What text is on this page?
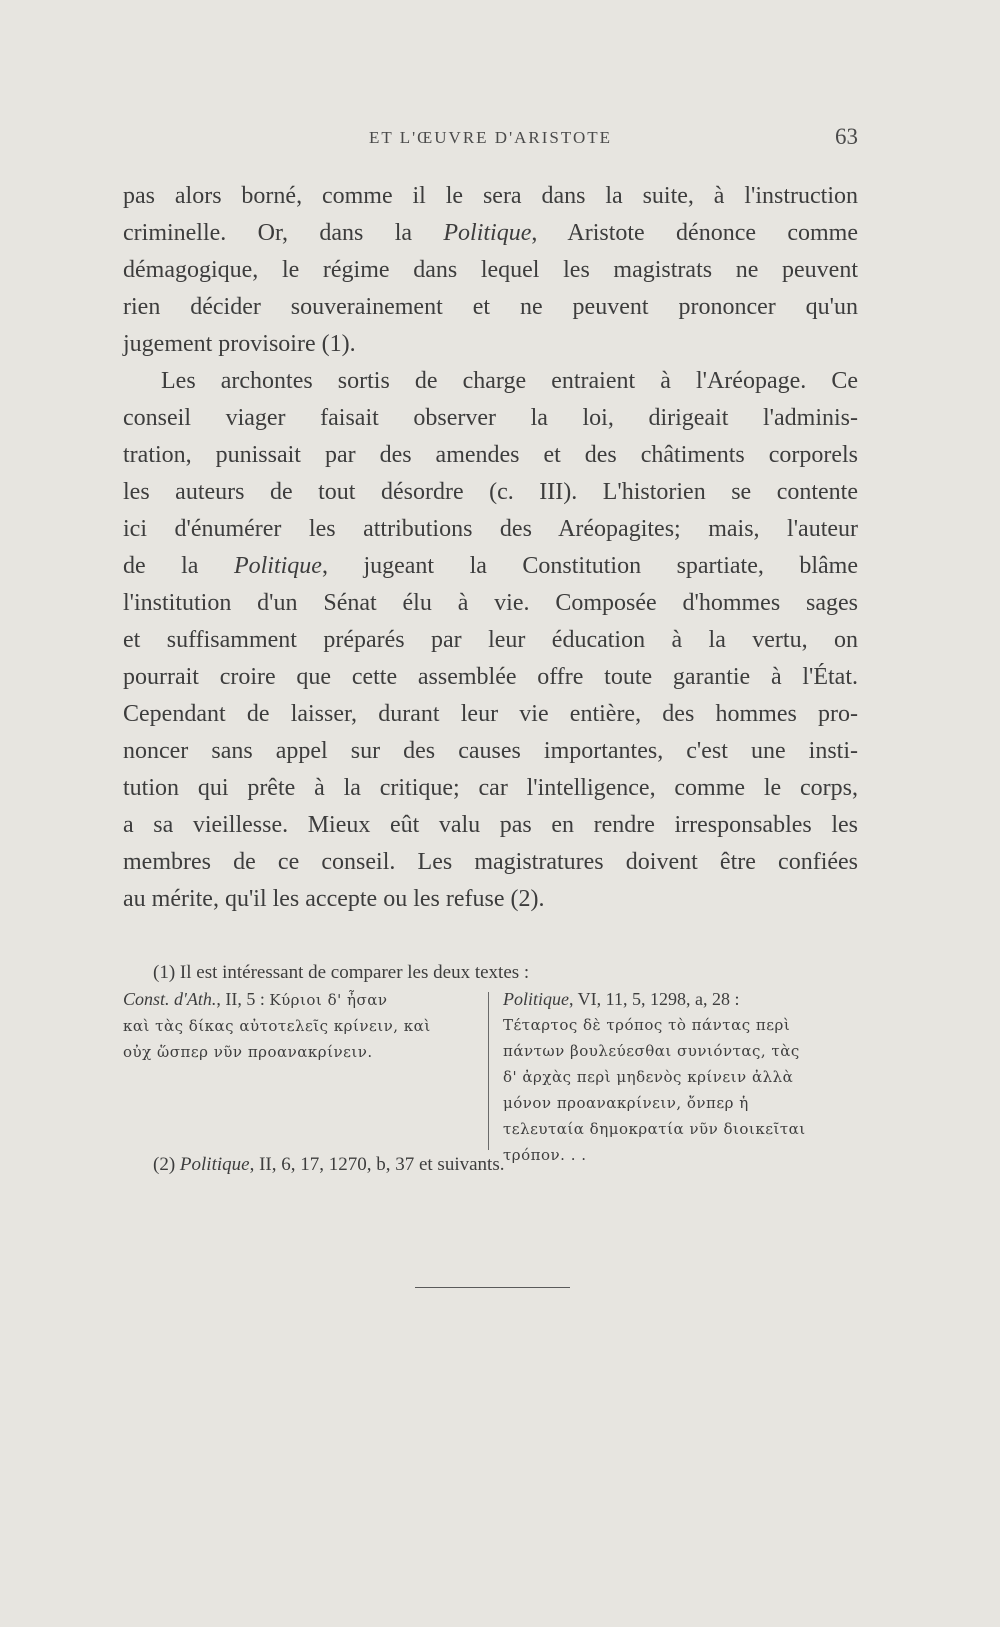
ET L'ŒUVRE D'ARISTOTE	63
pas alors borné, comme il le sera dans la suite, à l'instruction
criminelle. Or, dans la Politique, Aristote dénonce comme
démagogique, le régime dans lequel les magistrats ne peuvent
rien décider souverainement et ne peuvent prononcer qu'un
jugement provisoire (1).
Les archontes sortis de charge entraient à l'Aréopage. Ce
conseil viager faisait observer la loi, dirigeait l'adminis-
tration, punissait par des amendes et des châtiments corporels
les auteurs de tout désordre (c. III). L'historien se contente
ici d'énumérer les attributions des Aréopagites; mais, l'auteur
de la Politique, jugeant la Constitution spartiate, blâme
l'institution d'un Sénat élu à vie. Composée d'hommes sages
et suffisamment préparés par leur éducation à la vertu, on
pourrait croire que cette assemblée offre toute garantie à l'État.
Cependant de laisser, durant leur vie entière, des hommes pro-
noncer sans appel sur des causes importantes, c'est une insti-
tution qui prête à la critique; car l'intelligence, comme le corps,
a sa vieillesse. Mieux eût valu pas en rendre irresponsables les
membres de ce conseil. Les magistratures doivent être confiées
au mérite, qu'il les accepte ou les refuse (2).
(1) Il est intéressant de comparer les deux textes :
Const. d'Ath., II, 5 : Κύριοι δ' ἦσαν
καὶ τὰς δίκας αὐτοτελεῖς κρίνειν, καὶ
οὐχ ὥσπερ νῦν προανακρίνειν.
Politique, VI, 11, 5, 1298, a, 28 :
Τέταρτος δὲ τρόπος τὸ πάντας περὶ
πάντων βουλεύεσθαι συνιόντας, τὰς
δ' ἀρχὰς περὶ μηδενὸς κρίνειν ἀλλὰ
μόνον προανακρίνειν, ὄνπερ ἡ
τελευταία δημοκρατία νῦν διοικεῖται
τρόπον. . .
(2) Politique, II, 6, 17, 1270, b, 37 et suivants.
